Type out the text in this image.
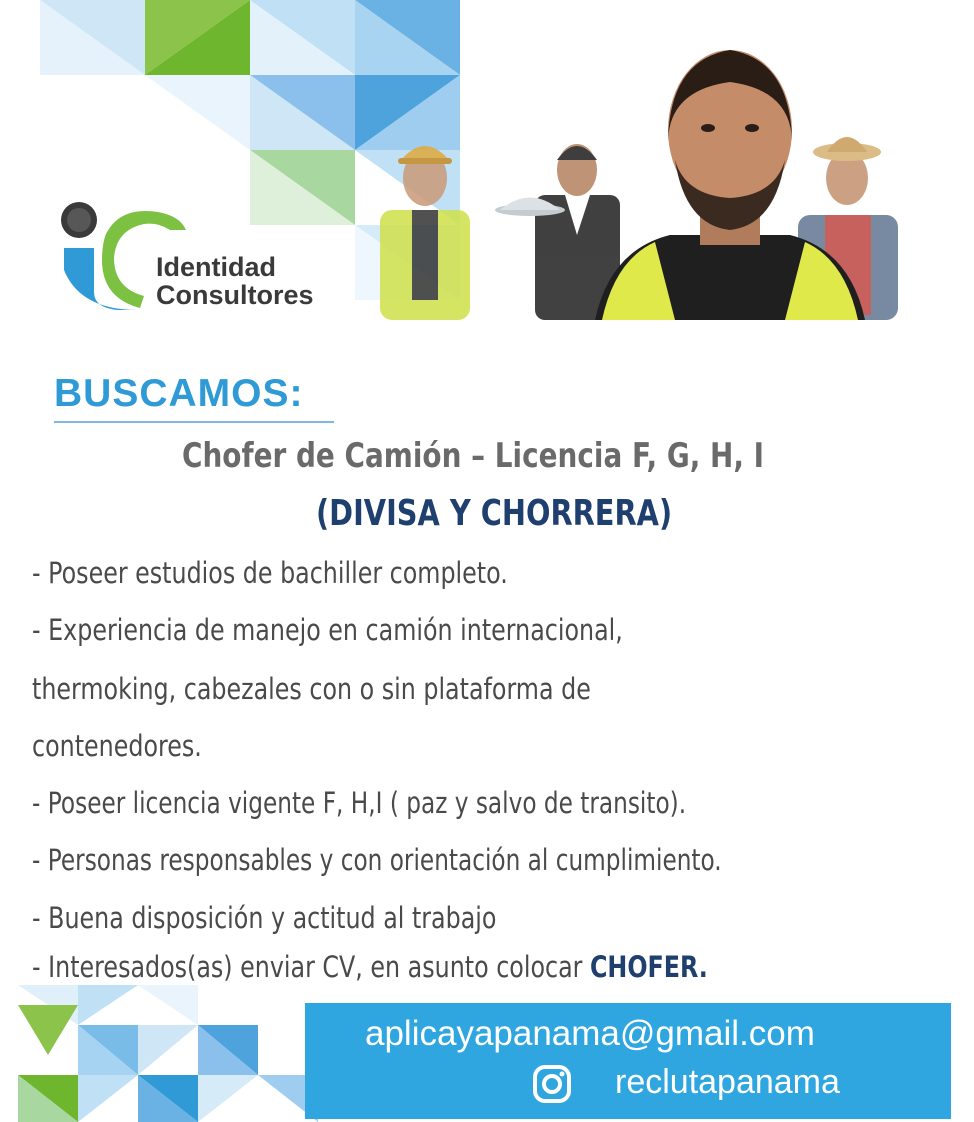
Identidad
Consultores
BUSCAMOS:
Chofer de Camión – Licencia F, G, H, I
(DIVISA Y CHORRERA)
- Poseer estudios de bachiller completo.
- Experiencia de manejo en camión internacional,
thermoking, cabezales con o sin plataforma de
contenedores.
- Poseer licencia vigente F, H,I ( paz y salvo de transito).
- Personas responsables y con orientación al cumplimiento.
- Buena disposición y actitud al trabajo
- Interesados(as) enviar CV, en asunto colocar CHOFER.
aplicayapanama@gmail.com
reclutapanama
